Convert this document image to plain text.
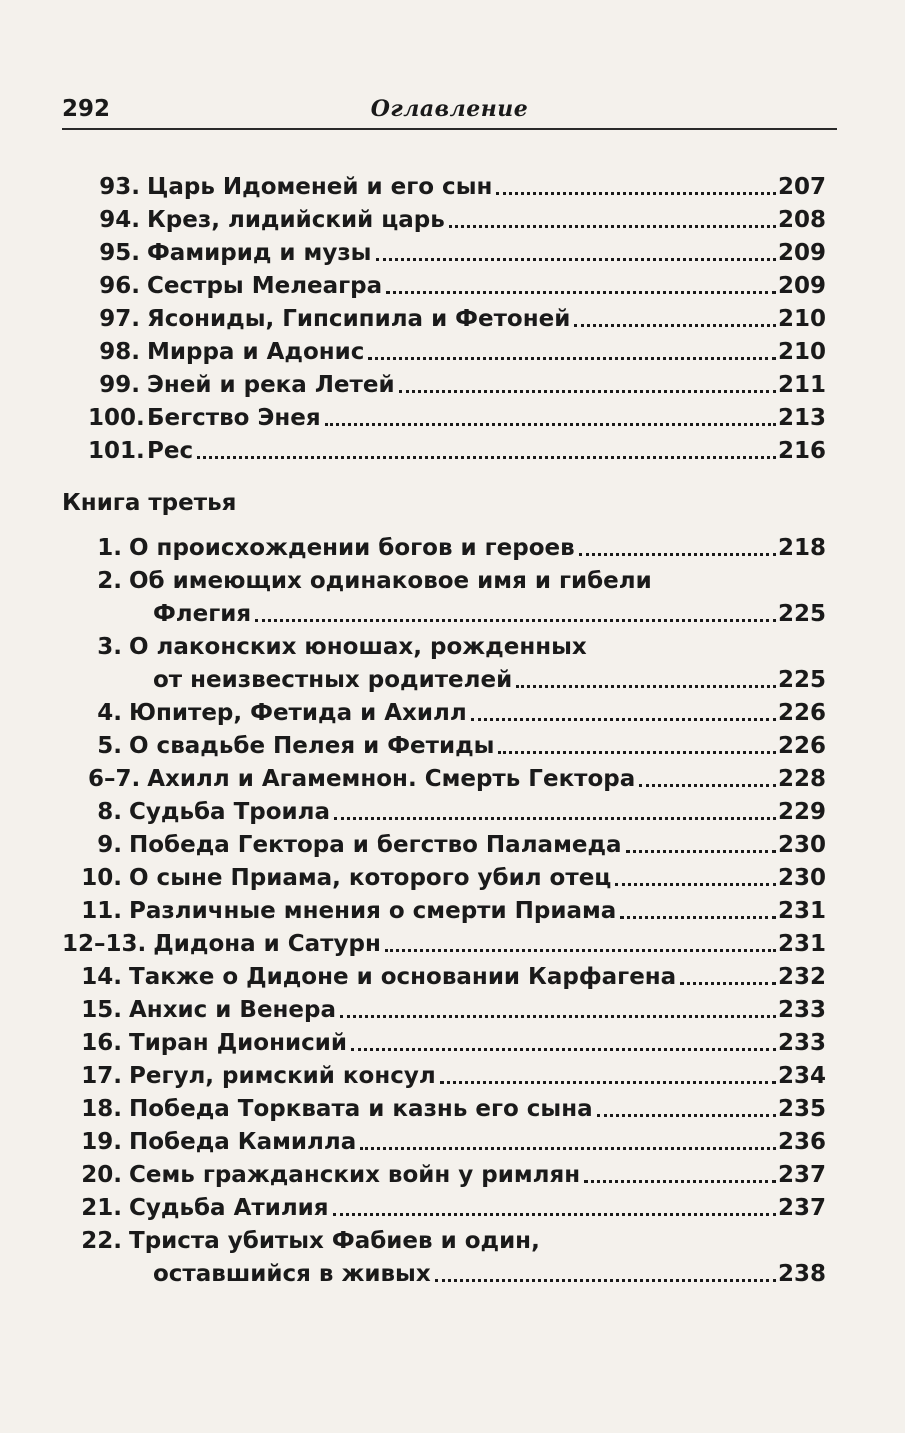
292	Оглавление
Книга третья
93. Царь Идоменей и его сын	207
94. Крез, лидийский царь	208
95. Фамирид и музы	209
96. Сестры Мелеагра	209
97. Ясониды, Гипсипила и Фетоней	210
98. Мирра и Адонис	210
99. Эней и река Летей	211
100. Бегство Энея	213
101. Рес	216
1. О происхождении богов и героев	218
2. Об имеющих одинаковое имя и гибели
Флегия	225
3. О лаконских юношах, рожденных
от неизвестных родителей	225
4. Юпитер, Фетида и Ахилл	226
5. О свадьбе Пелея и Фетиды	226
6–7. Ахилл и Агамемнон. Смерть Гектора	228
8. Судьба Троила	229
9. Победа Гектора и бегство Паламеда	230
10. О сыне Приама, которого убил отец	230
11. Различные мнения о смерти Приама	231
12–13. Дидона и Сатурн	231
14. Также о Дидоне и основании Карфагена	232
15. Анхис и Венера	233
16. Тиран Дионисий	233
17. Регул, римский консул	234
18. Победа Торквата и казнь его сына	235
19. Победа Камилла	236
20. Семь гражданских войн у римлян	237
21. Судьба Атилия	237
22. Триста убитых Фабиев и один,
оставшийся в живых	238
